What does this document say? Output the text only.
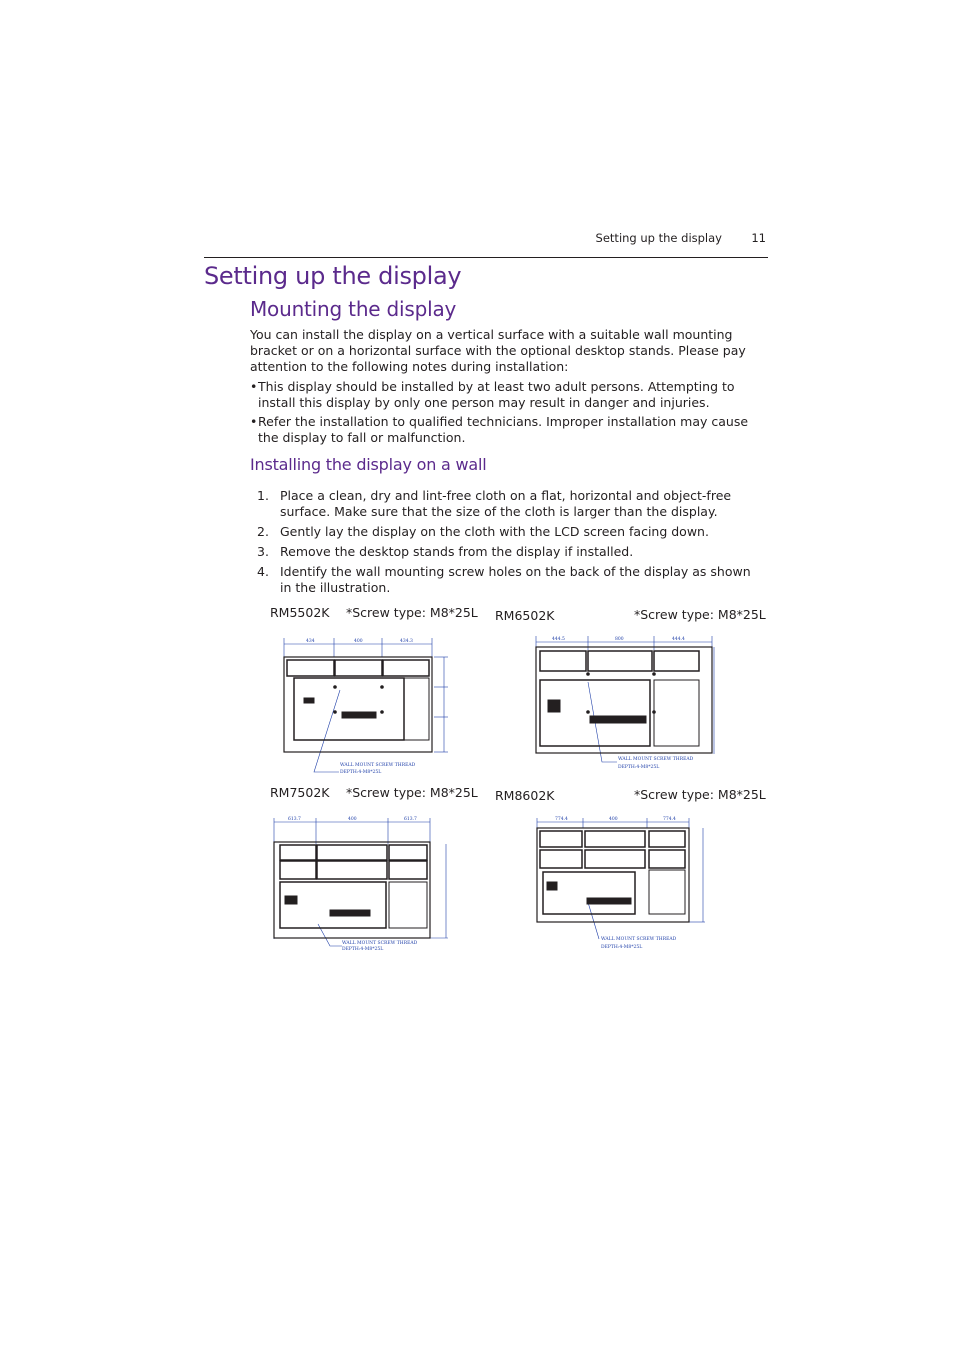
Setting up the display	11
Setting up the display
Mounting the display
You can install the display on a vertical surface with a suitable wall mounting bracket or on a horizontal surface with the optional desktop stands. Please pay attention to the following notes during installation:
• This display should be installed by at least two adult persons. Attempting to install this display by only one person may result in danger and injuries.
• Refer the installation to qualified technicians. Improper installation may cause the display to fall or malfunction.
Installing the display on a wall
1. Place a clean, dry and lint-free cloth on a flat, horizontal and object-free surface. Make sure that the size of the cloth is larger than the display.
2. Gently lay the display on the cloth with the LCD screen facing down.
3. Remove the desktop stands from the display if installed.
4. Identify the wall mounting screw holes on the back of the display as shown in the illustration.
RM5502K *Screw type: M8*25L RM6502K	*Screw type: M8*25L
RM7502K *Screw type: M8*25L RM8602K	*Screw type: M8*25L
434	400	434.3
WALL MOUNT SCREW THREAD
DEPTH:4-M8*25L
444.5	800	444.4
WALL MOUNT SCREW THREAD
DEPTH:4-M8*25L
613.7	400	613.7
WALL MOUNT SCREW THREAD
DEPTH:4-M8*25L
774.4	400	774.4
WALL MOUNT SCREW THREAD
DEPTH:4-M8*25L
